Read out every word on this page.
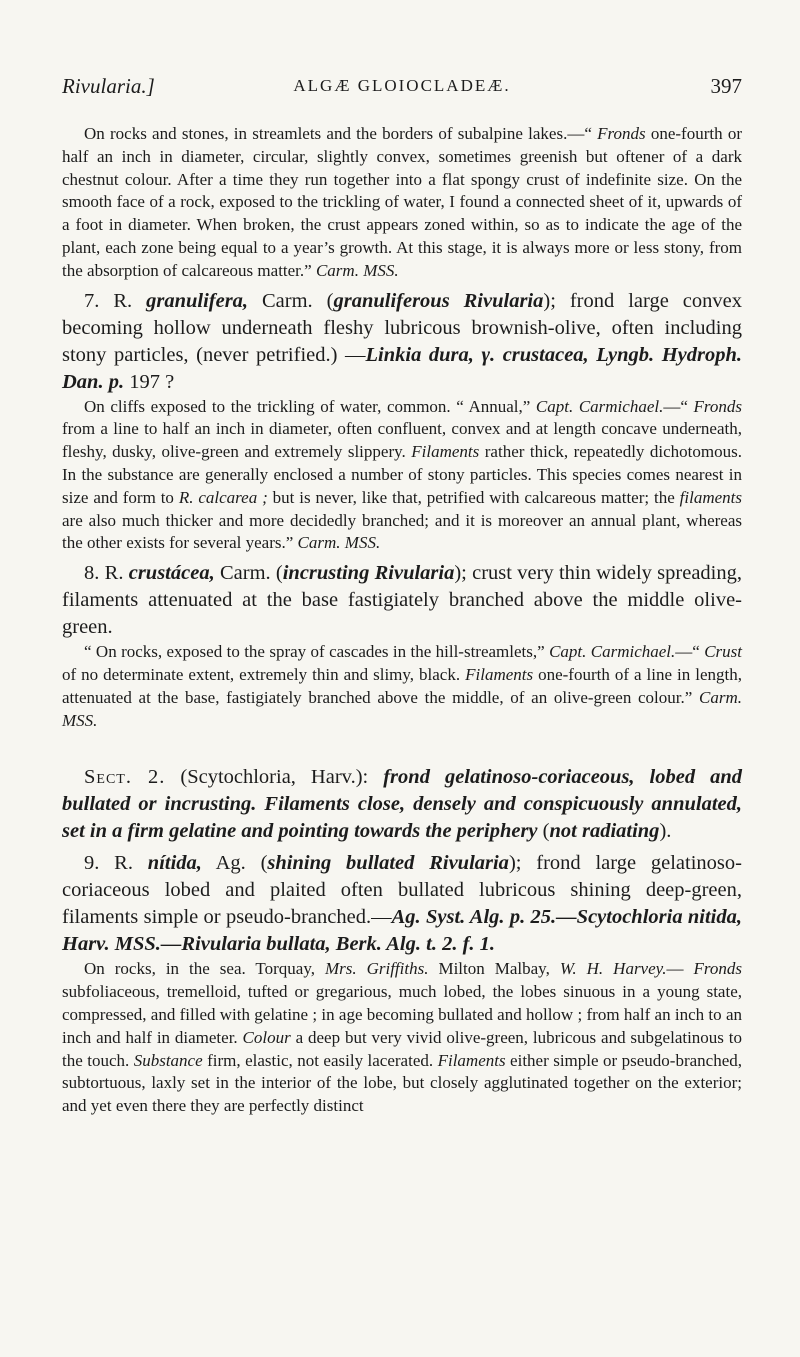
Rivularia.]	ALGÆ GLOIOCLADEÆ.	397

On rocks and stones, in streamlets and the borders of subalpine lakes.—“ Fronds one-fourth or half an inch in diameter, circular, slightly convex, sometimes greenish but oftener of a dark chestnut colour. After a time they run together into a flat spongy crust of indefinite size. On the smooth face of a rock, exposed to the trickling of water, I found a connected sheet of it, upwards of a foot in diameter. When broken, the crust appears zoned within, so as to indicate the age of the plant, each zone being equal to a year’s growth. At this stage, it is always more or less stony, from the absorption of calcareous matter.” Carm. MSS.

7. R. granulifera, Carm. (granuliferous Rivularia); frond large convex becoming hollow underneath fleshy lubricous brownish-olive, often including stony particles, (never petrified.) —Linkia dura, γ. crustacea, Lyngb. Hydroph. Dan. p. 197 ?

On cliffs exposed to the trickling of water, common. “ Annual,” Capt. Carmichael.—“ Fronds from a line to half an inch in diameter, often confluent, convex and at length concave underneath, fleshy, dusky, olive-green and extremely slippery. Filaments rather thick, repeatedly dichotomous. In the substance are generally enclosed a number of stony particles. This species comes nearest in size and form to R. calcarea ; but is never, like that, petrified with calcareous matter; the filaments are also much thicker and more decidedly branched; and it is moreover an annual plant, whereas the other exists for several years.” Carm. MSS.

8. R. crustácea, Carm. (incrusting Rivularia); crust very thin widely spreading, filaments attenuated at the base fastigiately branched above the middle olive-green.

“ On rocks, exposed to the spray of cascades in the hill-streamlets,” Capt. Carmichael.—“ Crust of no determinate extent, extremely thin and slimy, black. Filaments one-fourth of a line in length, attenuated at the base, fastigiately branched above the middle, of an olive-green colour.” Carm. MSS.

Sect. 2. (Scytochloria, Harv.): frond gelatinoso-coriaceous, lobed and bullated or incrusting. Filaments close, densely and conspicuously annulated, set in a firm gelatine and pointing towards the periphery (not radiating).

9. R. nítida, Ag. (shining bullated Rivularia); frond large gelatinoso-coriaceous lobed and plaited often bullated lubricous shining deep-green, filaments simple or pseudo-branched.—Ag. Syst. Alg. p. 25.—Scytochloria nitida, Harv. MSS.—Rivularia bullata, Berk. Alg. t. 2. f. 1.

On rocks, in the sea. Torquay, Mrs. Griffiths. Milton Malbay, W. H. Harvey.— Fronds subfoliaceous, tremelloid, tufted or gregarious, much lobed, the lobes sinuous in a young state, compressed, and filled with gelatine ; in age becoming bullated and hollow ; from half an inch to an inch and half in diameter. Colour a deep but very vivid olive-green, lubricous and subgelatinous to the touch. Substance firm, elastic, not easily lacerated. Filaments either simple or pseudo-branched, subtortuous, laxly set in the interior of the lobe, but closely agglutinated together on the exterior; and yet even there they are perfectly distinct
